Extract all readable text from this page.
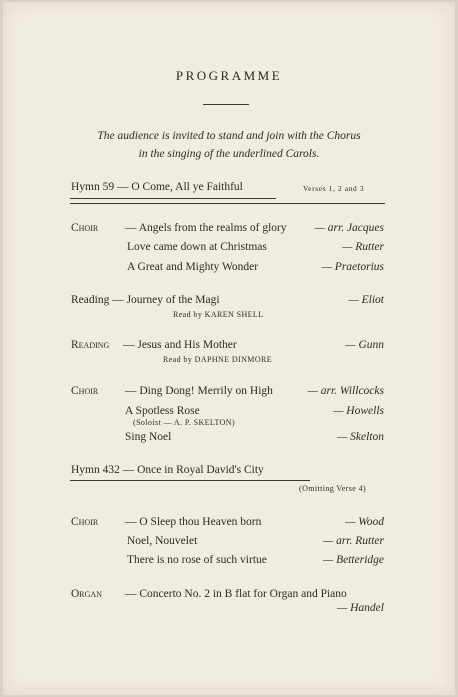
PROGRAMME
The audience is invited to stand and join with the Chorus
in the singing of the underlined Carols.
Hymn 59 — O Come, All ye Faithful	Verses 1, 2 and 3
Choir — Angels from the realms of glory	— arr. Jacques
Love came down at Christmas	— Rutter
A Great and Mighty Wonder	— Praetorius
Reading — Journey of the Magi	— Eliot
Read by KAREN SHELL
Reading — Jesus and His Mother	— Gunn
Read by DAPHNE DINMORE
Choir — Ding Dong! Merrily on High	— arr. Willcocks
A Spotless Rose	— Howells
(Soloist — A. P. SKELTON)
Sing Noel	— Skelton
Hymn 432 — Once in Royal David's City
(Omitting Verse 4)
Choir — O Sleep thou Heaven born	— Wood
Noel, Nouvelet	— arr. Rutter
There is no rose of such virtue	— Betteridge
Organ — Concerto No. 2 in B flat for Organ and Piano
— Handel
